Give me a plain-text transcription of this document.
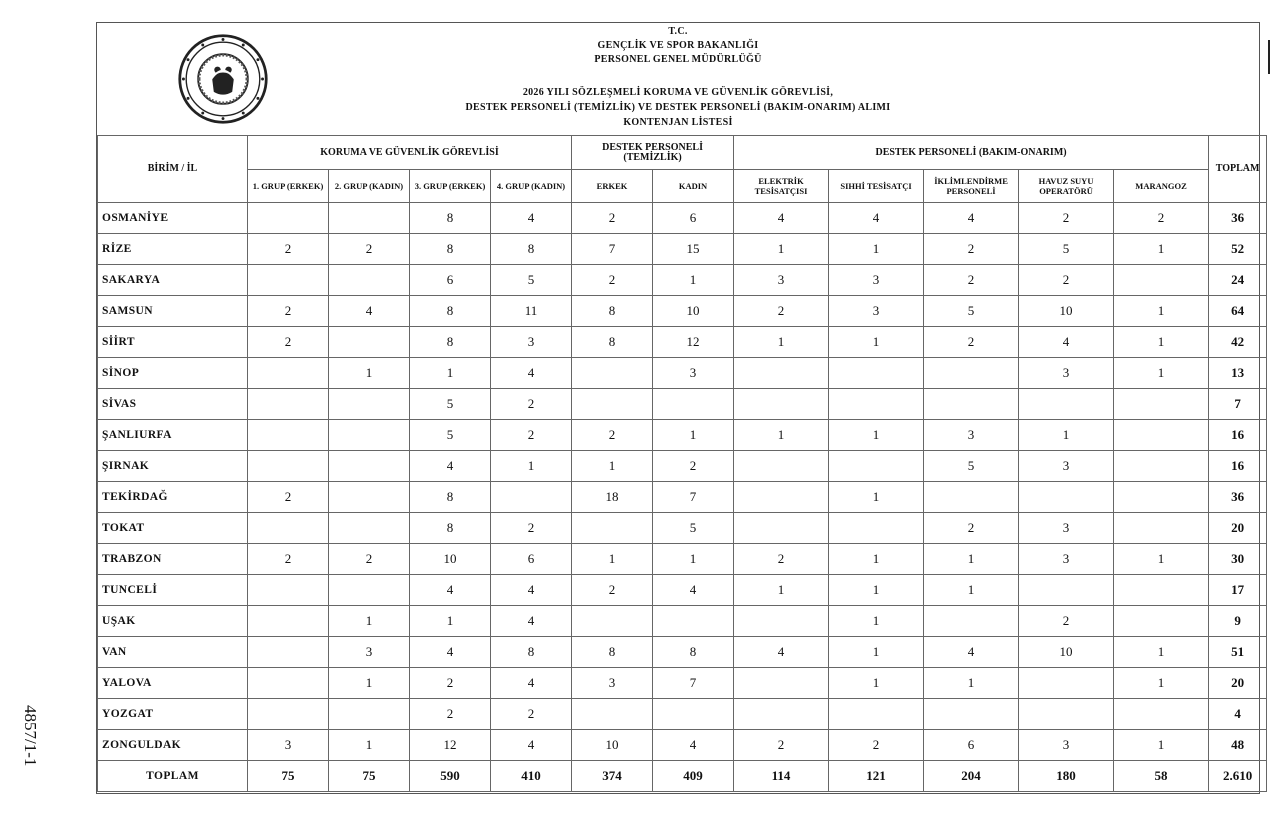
T.C.
GENÇLİK VE SPOR BAKANLIĞI
PERSONEL GENEL MÜDÜRLÜĞÜ
2026 YILI SÖZLEŞMELİ KORUMA VE GÜVENLİK GÖREVLİSİ,
DESTEK PERSONELİ (TEMİZLİK) VE DESTEK PERSONELİ (BAKIM-ONARIM) ALIMI
KONTENJAN LİSTESİ
BİRİM / İL	KORUMA VE GÜVENLİK GÖREVLİSİ				DESTEK PERSONELİ (TEMİZLİK)		DESTEK PERSONELİ (BAKIM-ONARIM)					TOPLAM
	1. GRUP (ERKEK)	2. GRUP (KADIN)	3. GRUP (ERKEK)	4. GRUP (KADIN)	ERKEK	KADIN	ELEKTRİK TESİSATÇISI	SIHHİ TESİSATÇI	İKLİMLENDİRME PERSONELİ	HAVUZ SUYU OPERATÖRÜ	MARANGOZ	
OSMANİYE			8	4	2	6	4	4	4	2	2	36
RİZE	2	2	8	8	7	15	1	1	2	5	1	52
SAKARYA			6	5	2	1	3	3	2	2		24
SAMSUN	2	4	8	11	8	10	2	3	5	10	1	64
SİİRT	2		8	3	8	12	1	1	2	4	1	42
SİNOP		1	1	4		3				3	1	13
SİVAS			5	2								7
ŞANLIURFA			5	2	2	1	1	1	3	1		16
ŞIRNAK			4	1	1	2			5	3		16
TEKİRDAĞ	2		8		18	7		1				36
TOKAT			8	2		5			2	3		20
TRABZON	2	2	10	6	1	1	2	1	1	3	1	30
TUNCELİ			4	4	2	4	1	1	1			17
UŞAK		1	1	4				1		2		9
VAN		3	4	8	8	8	4	1	4	10	1	51
YALOVA		1	2	4	3	7		1	1		1	20
YOZGAT			2	2								4
ZONGULDAK	3	1	12	4	10	4	2	2	6	3	1	48
TOPLAM	75	75	590	410	374	409	114	121	204	180	58	2.610
4857/1-1
